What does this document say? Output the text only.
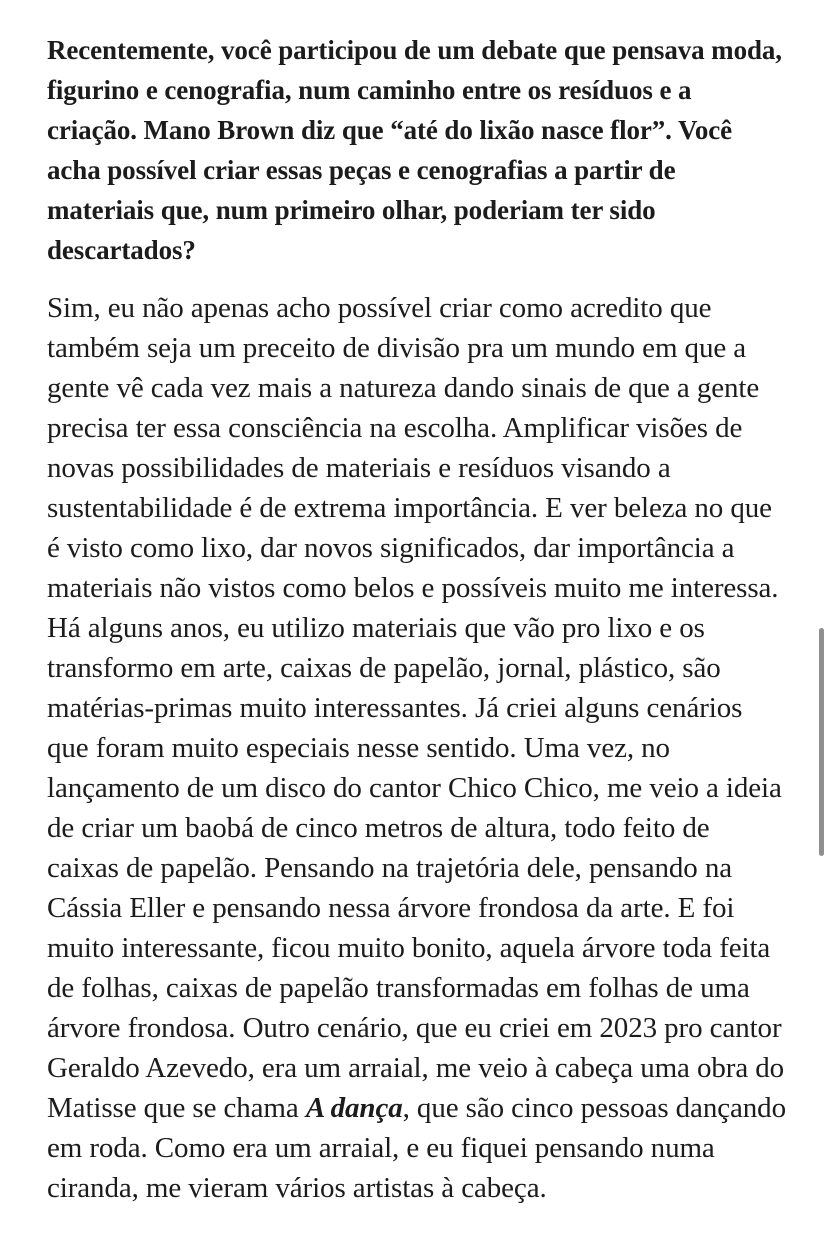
Recentemente, você participou de um debate que pensava moda, figurino e cenografia, num caminho entre os resíduos e a criação. Mano Brown diz que “até do lixão nasce flor”. Você acha possível criar essas peças e cenografias a partir de materiais que, num primeiro olhar, poderiam ter sido descartados?

Sim, eu não apenas acho possível criar como acredito que também seja um preceito de divisão pra um mundo em que a gente vê cada vez mais a natureza dando sinais de que a gente precisa ter essa consciência na escolha. Amplificar visões de novas possibilidades de materiais e resíduos visando a sustentabilidade é de extrema importância. E ver beleza no que é visto como lixo, dar novos significados, dar importância a materiais não vistos como belos e possíveis muito me interessa. Há alguns anos, eu utilizo materiais que vão pro lixo e os transformo em arte, caixas de papelão, jornal, plástico, são matérias-primas muito interessantes. Já criei alguns cenários que foram muito especiais nesse sentido. Uma vez, no lançamento de um disco do cantor Chico Chico, me veio a ideia de criar um baobá de cinco metros de altura, todo feito de caixas de papelão. Pensando na trajetória dele, pensando na Cássia Eller e pensando nessa árvore frondosa da arte. E foi muito interessante, ficou muito bonito, aquela árvore toda feita de folhas, caixas de papelão transformadas em folhas de uma árvore frondosa. Outro cenário, que eu criei em 2023 pro cantor Geraldo Azevedo, era um arraial, me veio à cabeça uma obra do Matisse que se chama A dança, que são cinco pessoas dançando em roda. Como era um arraial, e eu fiquei pensando numa ciranda, me vieram vários artistas à cabeça.
